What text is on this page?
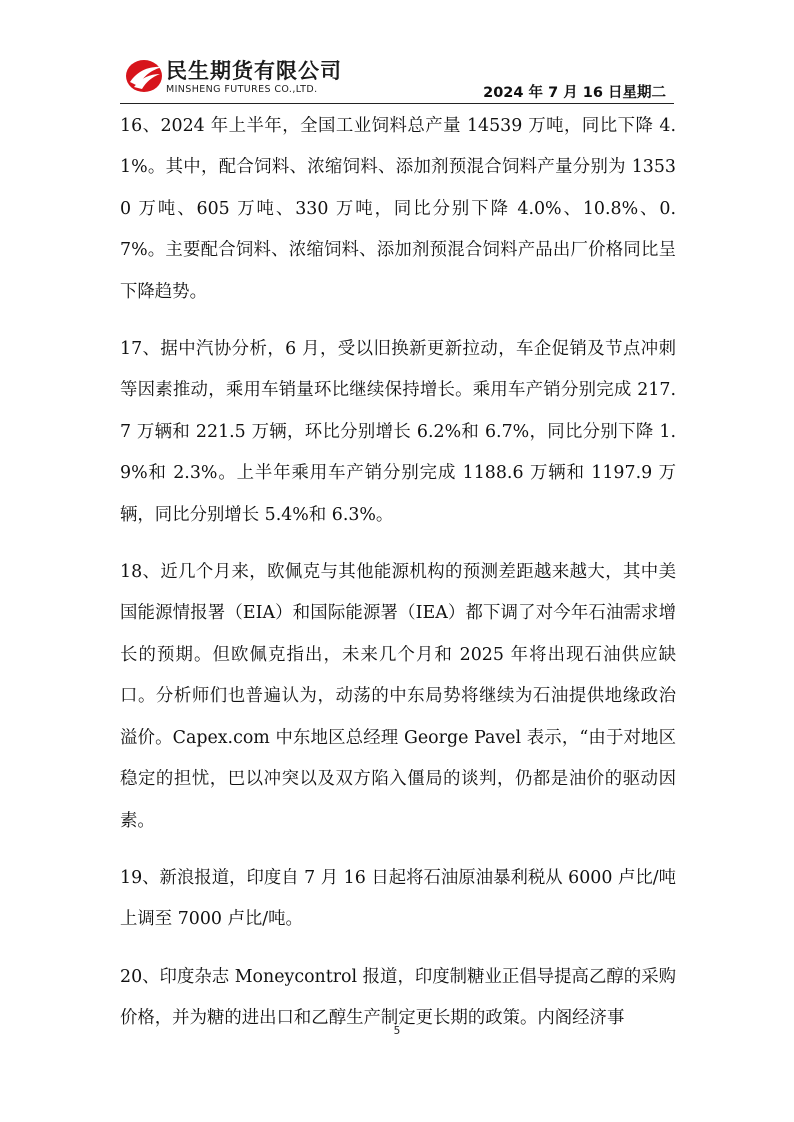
民生期货有限公司
MINSHENG FUTURES CO.,LTD.	2024 年 7 月 16 日星期二

16、2024 年上半年，全国工业饲料总产量 14539 万吨，同比下降 4.1%。其中，配合饲料、浓缩饲料、添加剂预混合饲料产量分别为 13530 万吨、605 万吨、330 万吨，同比分别下降 4.0%、10.8%、0.7%。主要配合饲料、浓缩饲料、添加剂预混合饲料产品出厂价格同比呈下降趋势。

17、据中汽协分析，6 月，受以旧换新更新拉动，车企促销及节点冲刺等因素推动，乘用车销量环比继续保持增长。乘用车产销分别完成 217.7 万辆和 221.5 万辆，环比分别增长 6.2%和 6.7%，同比分别下降 1.9%和 2.3%。上半年乘用车产销分别完成 1188.6 万辆和 1197.9 万辆，同比分别增长 5.4%和 6.3%。

18、近几个月来，欧佩克与其他能源机构的预测差距越来越大，其中美国能源情报署（EIA）和国际能源署（IEA）都下调了对今年石油需求增长的预期。但欧佩克指出，未来几个月和 2025 年将出现石油供应缺口。分析师们也普遍认为，动荡的中东局势将继续为石油提供地缘政治溢价。Capex.com 中东地区总经理 George Pavel 表示，“由于对地区稳定的担忧，巴以冲突以及双方陷入僵局的谈判，仍都是油价的驱动因素。

19、新浪报道，印度自 7 月 16 日起将石油原油暴利税从 6000 卢比/吨上调至 7000 卢比/吨。

20、印度杂志 Moneycontrol 报道，印度制糖业正倡导提高乙醇的采购价格，并为糖的进出口和乙醇生产制定更长期的政策。内阁经济事

5
